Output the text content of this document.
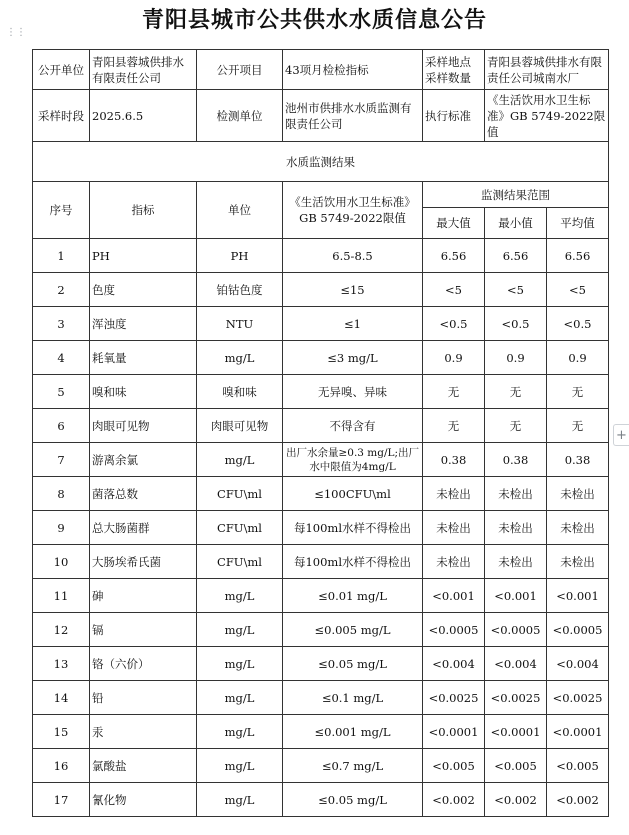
青阳县城市公共供水水质信息公告
⋮⋮
+
公开单位	青阳县蓉城供排水有限责任公司	公开项目	43项月检检指标	采样地点采样数量	青阳县蓉城供排水有限责任公司城南水厂	
采样时段	2025.6.5	检测单位	池州市供排水水质监测有限责任公司	执行标准	《生活饮用水卫生标准》GB 5749-2022限值	
水质监测结果						
序号	指标	单位	《生活饮用水卫生标准》GB 5749-2022限值	监测结果范围		
				最大值	最小值	平均值
1	PH	PH	6.5-8.5	6.56	6.56	6.56
2	色度	铂钴色度	≤15	<5	<5	<5
3	浑浊度	NTU	≤1	<0.5	<0.5	<0.5
4	耗氧量	mg/L	≤3 mg/L	0.9	0.9	0.9
5	嗅和味	嗅和味	无异嗅、异味	无	无	无
6	肉眼可见物	肉眼可见物	不得含有	无	无	无
7	游离余氯	mg/L	出厂水余量≥0.3 mg/L;出厂水中限值为4mg/L	0.38	0.38	0.38
8	菌落总数	CFU\ml	≤100CFU\ml	未检出	未检出	未检出
9	总大肠菌群	CFU\ml	每100ml水样不得检出	未检出	未检出	未检出
10	大肠埃希氏菌	CFU\ml	每100ml水样不得检出	未检出	未检出	未检出
11	砷	mg/L	≤0.01 mg/L	<0.001	<0.001	<0.001
12	镉	mg/L	≤0.005 mg/L	<0.0005	<0.0005	<0.0005
13	铬（六价）	mg/L	≤0.05 mg/L	<0.004	<0.004	<0.004
14	铅	mg/L	≤0.1 mg/L	<0.0025	<0.0025	<0.0025
15	汞	mg/L	≤0.001 mg/L	<0.0001	<0.0001	<0.0001
16	氯酸盐	mg/L	≤0.7 mg/L	<0.005	<0.005	<0.005
17	氰化物	mg/L	≤0.05 mg/L	<0.002	<0.002	<0.002
